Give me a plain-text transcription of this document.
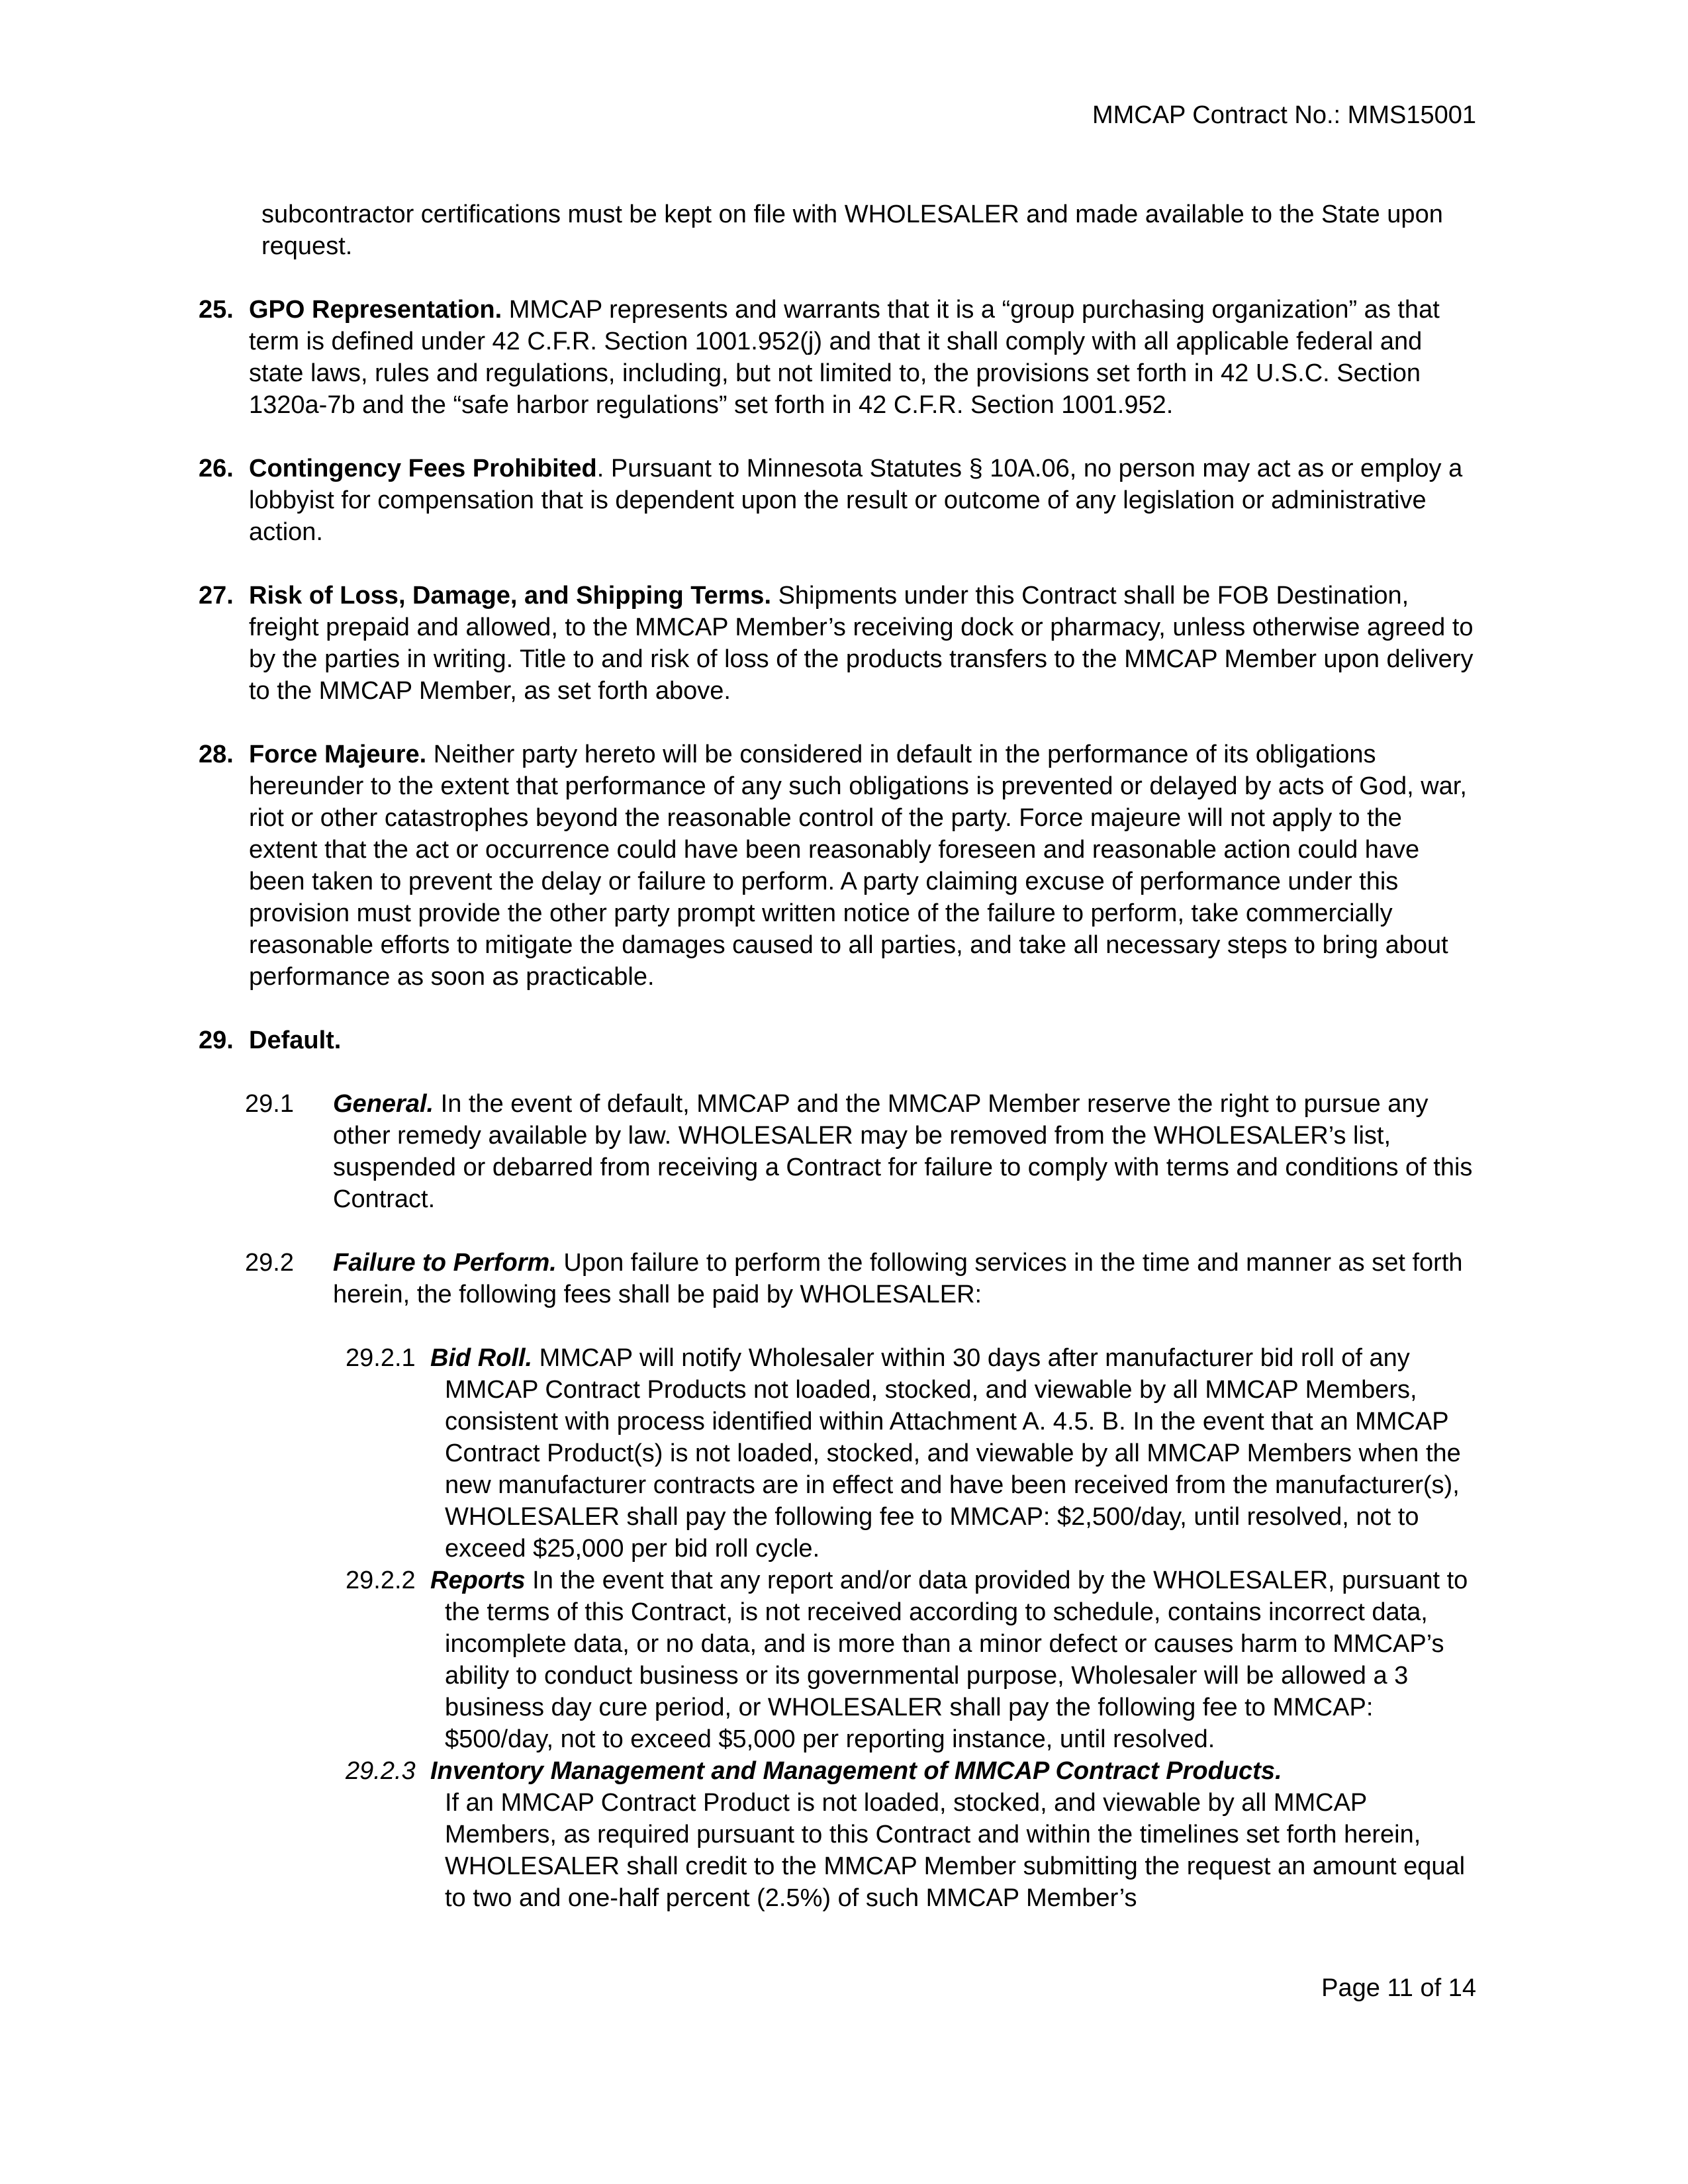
MMCAP Contract No.: MMS15001
subcontractor certifications must be kept on file with WHOLESALER and made available to the State upon request.
25. GPO Representation. MMCAP represents and warrants that it is a “group purchasing organization” as that term is defined under 42 C.F.R. Section 1001.952(j) and that it shall comply with all applicable federal and state laws, rules and regulations, including, but not limited to, the provisions set forth in 42 U.S.C. Section 1320a-7b and the “safe harbor regulations” set forth in 42 C.F.R. Section 1001.952.
26. Contingency Fees Prohibited. Pursuant to Minnesota Statutes § 10A.06, no person may act as or employ a lobbyist for compensation that is dependent upon the result or outcome of any legislation or administrative action.
27. Risk of Loss, Damage, and Shipping Terms. Shipments under this Contract shall be FOB Destination, freight prepaid and allowed, to the MMCAP Member’s receiving dock or pharmacy, unless otherwise agreed to by the parties in writing. Title to and risk of loss of the products transfers to the MMCAP Member upon delivery to the MMCAP Member, as set forth above.
28. Force Majeure. Neither party hereto will be considered in default in the performance of its obligations hereunder to the extent that performance of any such obligations is prevented or delayed by acts of God, war, riot or other catastrophes beyond the reasonable control of the party. Force majeure will not apply to the extent that the act or occurrence could have been reasonably foreseen and reasonable action could have been taken to prevent the delay or failure to perform. A party claiming excuse of performance under this provision must provide the other party prompt written notice of the failure to perform, take commercially reasonable efforts to mitigate the damages caused to all parties, and take all necessary steps to bring about performance as soon as practicable.
29. Default.
29.1	General. In the event of default, MMCAP and the MMCAP Member reserve the right to pursue any other remedy available by law. WHOLESALER may be removed from the WHOLESALER’s list, suspended or debarred from receiving a Contract for failure to comply with terms and conditions of this Contract.
29.2	Failure to Perform. Upon failure to perform the following services in the time and manner as set forth herein, the following fees shall be paid by WHOLESALER:
29.2.1 Bid Roll. MMCAP will notify Wholesaler within 30 days after manufacturer bid roll of any MMCAP Contract Products not loaded, stocked, and viewable by all MMCAP Members, consistent with process identified within Attachment A. 4.5. B. In the event that an MMCAP Contract Product(s) is not loaded, stocked, and viewable by all MMCAP Members when the new manufacturer contracts are in effect and have been received from the manufacturer(s), WHOLESALER shall pay the following fee to MMCAP: $2,500/day, until resolved, not to exceed $25,000 per bid roll cycle.
29.2.2 Reports In the event that any report and/or data provided by the WHOLESALER, pursuant to the terms of this Contract, is not received according to schedule, contains incorrect data, incomplete data, or no data, and is more than a minor defect or causes harm to MMCAP’s ability to conduct business or its governmental purpose, Wholesaler will be allowed a 3 business day cure period, or WHOLESALER shall pay the following fee to MMCAP: $500/day, not to exceed $5,000 per reporting instance, until resolved.
29.2.3 Inventory Management and Management of MMCAP Contract Products.
If an MMCAP Contract Product is not loaded, stocked, and viewable by all MMCAP Members, as required pursuant to this Contract and within the timelines set forth herein, WHOLESALER shall credit to the MMCAP Member submitting the request an amount equal to two and one-half percent (2.5%) of such MMCAP Member’s
Page 11 of 14
